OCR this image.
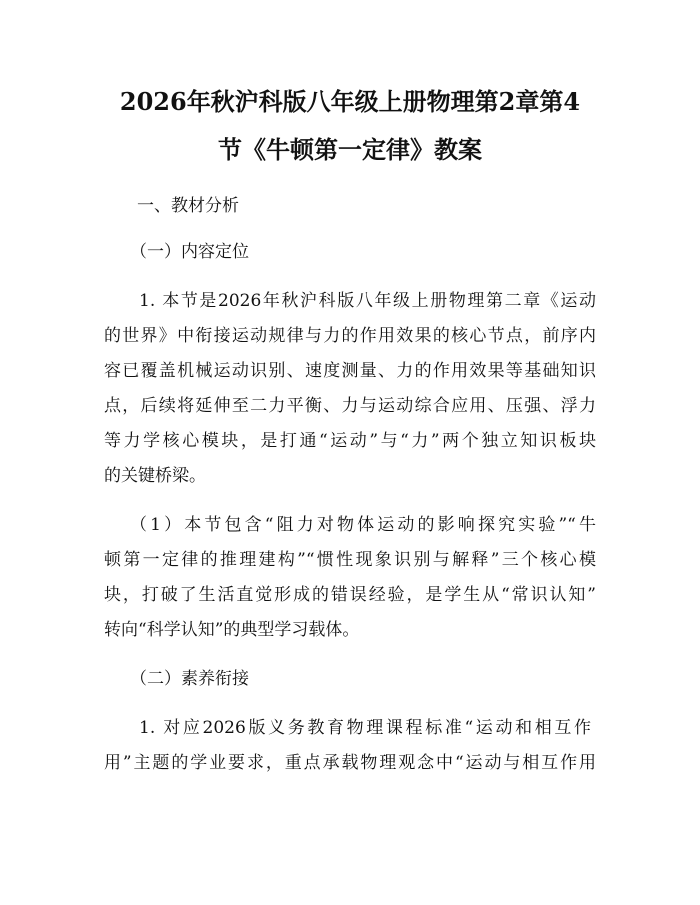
2026年秋沪科版八年级上册物理第2章第4
节《牛顿第一定律》教案
一、教材分析
（一）内容定位
1. 本节是2026年秋沪科版八年级上册物理第二章《运动
的世界》中衔接运动规律与力的作用效果的核心节点，前序内
容已覆盖机械运动识别、速度测量、力的作用效果等基础知识
点，后续将延伸至二力平衡、力与运动综合应用、压强、浮力
等力学核心模块，是打通“运动”与“力”两个独立知识板块
的关键桥梁。
（1）本节包含“阻力对物体运动的影响探究实验”“牛
顿第一定律的推理建构”“惯性现象识别与解释”三个核心模
块，打破了生活直觉形成的错误经验，是学生从“常识认知”
转向“科学认知”的典型学习载体。
（二）素养衔接
1. 对应2026版义务教育物理课程标准“运动和相互作
用”主题的学业要求，重点承载物理观念中“运动与相互作用
